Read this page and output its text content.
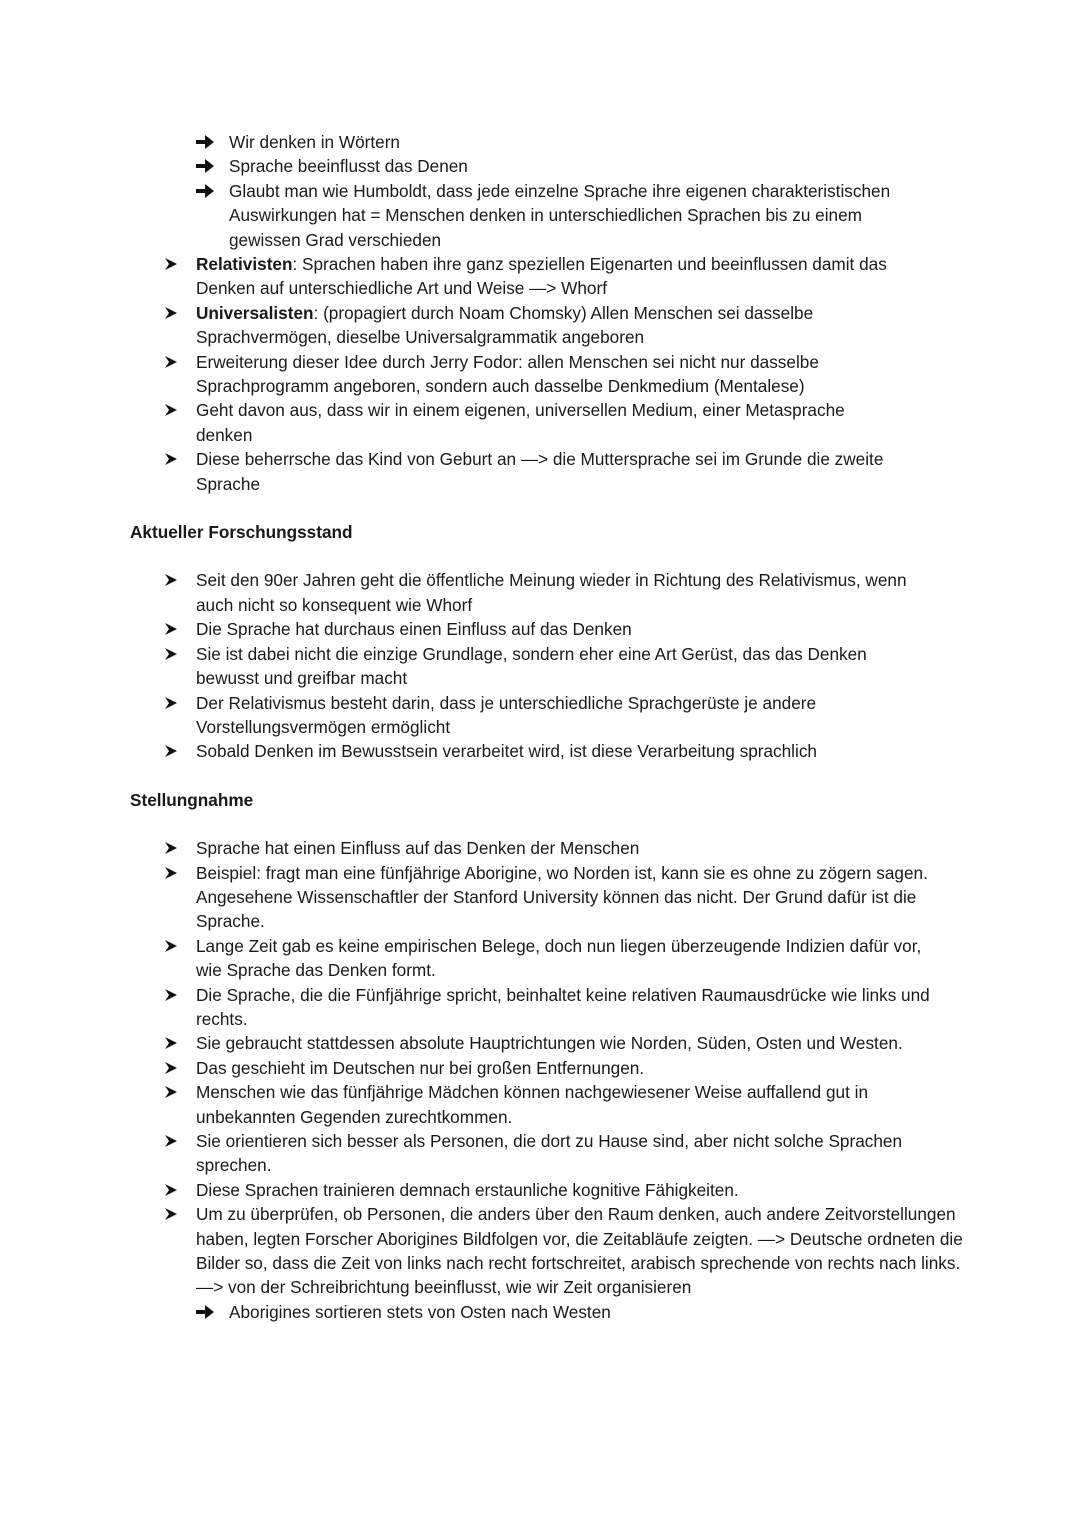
Wir denken in Wörtern
Sprache beeinflusst das Denen
Glaubt man wie Humboldt, dass jede einzelne Sprache ihre eigenen charakteristischen Auswirkungen hat = Menschen denken in unterschiedlichen Sprachen bis zu einem gewissen Grad verschieden
Relativisten: Sprachen haben ihre ganz speziellen Eigenarten und beeinflussen damit das Denken auf unterschiedliche Art und Weise —> Whorf
Universalisten: (propagiert durch Noam Chomsky) Allen Menschen sei dasselbe Sprachvermögen, dieselbe Universalgrammatik angeboren
Erweiterung dieser Idee durch Jerry Fodor: allen Menschen sei nicht nur dasselbe Sprachprogramm angeboren, sondern auch dasselbe Denkmedium (Mentalese)
Geht davon aus, dass wir in einem eigenen, universellen Medium, einer Metasprache denken
Diese beherrsche das Kind von Geburt an —> die Muttersprache sei im Grunde die zweite Sprache
Aktueller Forschungsstand
Seit den 90er Jahren geht die öffentliche Meinung wieder in Richtung des Relativismus, wenn auch nicht so konsequent wie Whorf
Die Sprache hat durchaus einen Einfluss auf das Denken
Sie ist dabei nicht die einzige Grundlage, sondern eher eine Art Gerüst, das das Denken bewusst und greifbar macht
Der Relativismus besteht darin, dass je unterschiedliche Sprachgerüste je andere Vorstellungsvermögen ermöglicht
Sobald Denken im Bewusstsein verarbeitet wird, ist diese Verarbeitung sprachlich
Stellungnahme
Sprache hat einen Einfluss auf das Denken der Menschen
Beispiel: fragt man eine fünfjährige Aborigine, wo Norden ist, kann sie es ohne zu zögern sagen. Angesehene Wissenschaftler der Stanford University können das nicht. Der Grund dafür ist die Sprache.
Lange Zeit gab es keine empirischen Belege, doch nun liegen überzeugende Indizien dafür vor, wie Sprache das Denken formt.
Die Sprache, die die Fünfjährige spricht, beinhaltet keine relativen Raumausdrücke wie links und rechts.
Sie gebraucht stattdessen absolute Hauptrichtungen wie Norden, Süden, Osten und Westen.
Das geschieht im Deutschen nur bei großen Entfernungen.
Menschen wie das fünfjährige Mädchen können nachgewiesener Weise auffallend gut in unbekannten Gegenden zurechtkommen.
Sie orientieren sich besser als Personen, die dort zu Hause sind, aber nicht solche Sprachen sprechen.
Diese Sprachen trainieren demnach erstaunliche kognitive Fähigkeiten.
Um zu überprüfen, ob Personen, die anders über den Raum denken, auch andere Zeitvorstellungen haben, legten Forscher Aborigines Bildfolgen vor, die Zeitabläufe zeigten. —> Deutsche ordneten die Bilder so, dass die Zeit von links nach recht fortschreitet, arabisch sprechende von rechts nach links. —> von der Schreibrichtung beeinflusst, wie wir Zeit organisieren
Aborigines sortieren stets von Osten nach Westen
